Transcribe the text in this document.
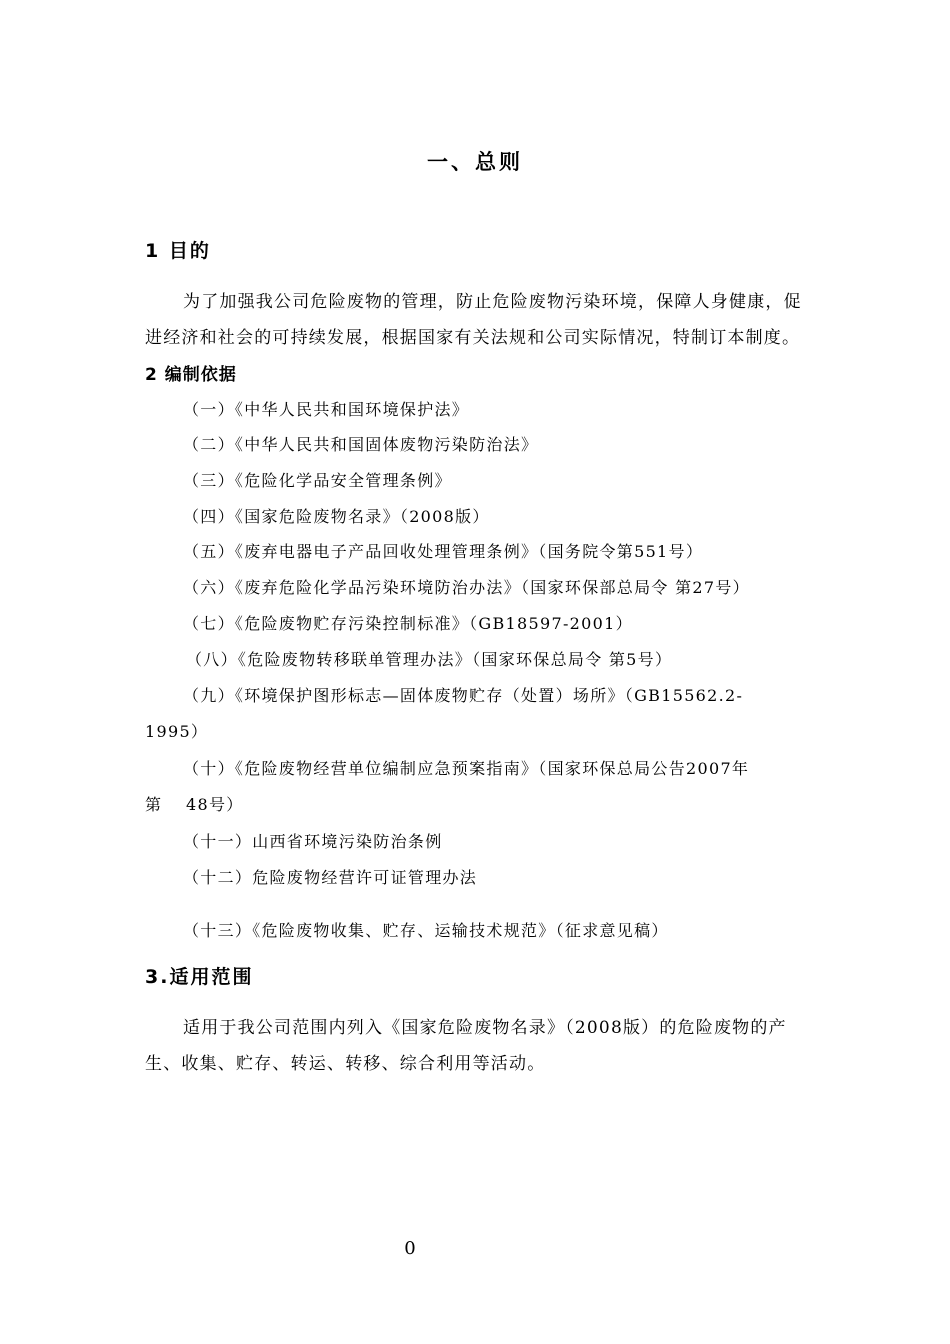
一、总则
1 目的
为了加强我公司危险废物的管理，防止危险废物污染环境，保障人身健康，促
进经济和社会的可持续发展，根据国家有关法规和公司实际情况，特制订本制度。
2 编制依据
（一）《中华人民共和国环境保护法》
（二）《中华人民共和国固体废物污染防治法》
（三）《危险化学品安全管理条例》
（四）《国家危险废物名录》（2008版）
（五）《废弃电器电子产品回收处理管理条例》（国务院令第551号）
（六）《废弃危险化学品污染环境防治办法》（国家环保部总局令 第27号）
（七）《危险废物贮存污染控制标准》（GB18597-2001）
（八）《危险废物转移联单管理办法》（国家环保总局令 第5号）
（九）《环境保护图形标志—固体废物贮存（处置）场所》（GB15562.2-
1995）
（十）《危险废物经营单位编制应急预案指南》（国家环保总局公告2007年
第　 48号）
（十一）山西省环境污染防治条例
（十二）危险废物经营许可证管理办法
（十三）《危险废物收集、贮存、运输技术规范》（征求意见稿）
3.适用范围
适用于我公司范围内列入《国家危险废物名录》（2008版）的危险废物的产
生、收集、贮存、转运、转移、综合利用等活动。
0
